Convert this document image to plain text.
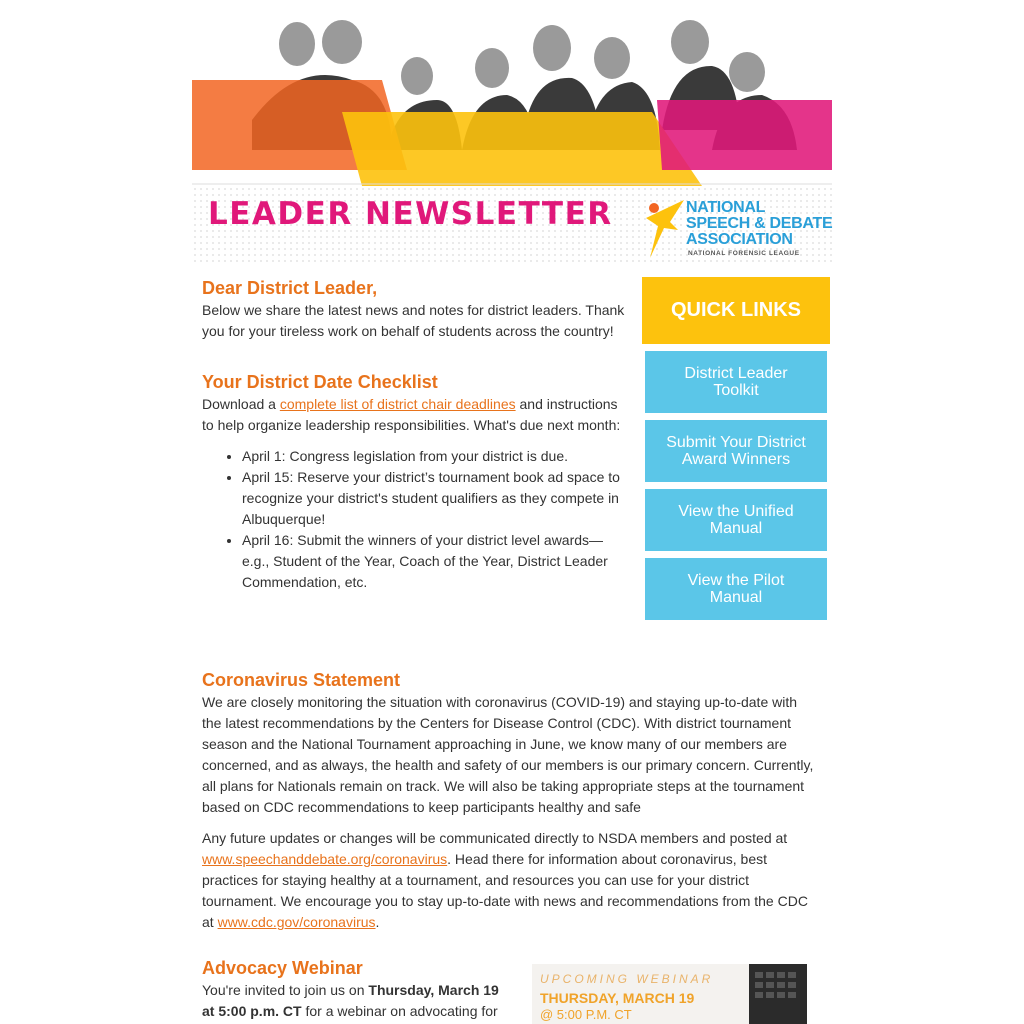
LEADER NEWSLETTER	NATIONAL
SPEECH & DEBATE
ASSOCIATION
NATIONAL FORENSIC LEAGUE
Dear District Leader,

Below we share the latest news and notes for district leaders. Thank you for your tireless work on behalf of students across the country!

Your District Date Checklist

Download a complete list of district chair deadlines and instructions to help organize leadership responsibilities. What's due next month:

• April 1: Congress legislation from your district is due.
• April 15: Reserve your district’s tournament book ad space to recognize your district's student qualifiers as they compete in Albuquerque!
• April 16: Submit the winners of your district level awards—e.g., Student of the Year, Coach of the Year, District Leader Commendation, etc.
QUICK LINKS
District Leader Toolkit
Submit Your District Award Winners
View the Unified Manual
View the Pilot Manual
Coronavirus Statement

We are closely monitoring the situation with coronavirus (COVID-19) and staying up-to-date with the latest recommendations by the Centers for Disease Control (CDC). With district tournament season and the National Tournament approaching in June, we know many of our members are concerned, and as always, the health and safety of our members is our primary concern. Currently, all plans for Nationals remain on track. We will also be taking appropriate steps at the tournament based on CDC recommendations to keep participants healthy and safe

Any future updates or changes will be communicated directly to NSDA members and posted at www.speechanddebate.org/coronavirus. Head there for information about coronavirus, best practices for staying healthy at a tournament, and resources you can use for your district tournament. We encourage you to stay up-to-date with news and recommendations from the CDC at www.cdc.gov/coronavirus.

Advocacy Webinar

You're invited to join us on Thursday, March 19 at 5:00 p.m. CT for a webinar on advocating for

UPCOMING WEBINAR
THURSDAY, MARCH 19
@ 5:00 P.M. CT
